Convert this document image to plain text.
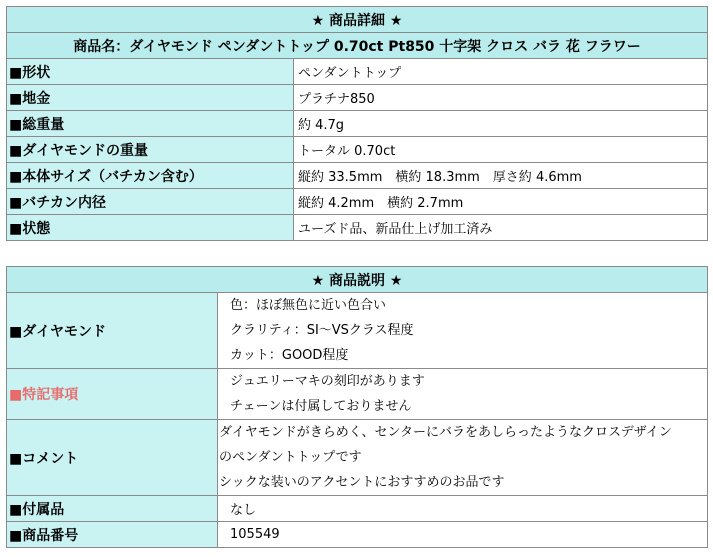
★ 商品詳細 ★	
商品名：ダイヤモンド ペンダントトップ 0.70ct Pt850 十字架 クロス バラ 花 フラワー	
■形状	ペンダントトップ
■地金	プラチナ850
■総重量	約 4.7g
■ダイヤモンドの重量	トータル 0.70ct
■本体サイズ（バチカン含む）	縦約 33.5mm　横約 18.3mm　厚さ約 4.6mm
■バチカン内径	縦約 4.2mm　横約 2.7mm
■状態	ユーズド品、新品仕上げ加工済み
★ 商品説明 ★	
■ダイヤモンド	色：ほぼ無色に近い色合い
クラリティ：SI～VSクラス程度
カット：GOOD程度

■特記事項	ジュエリーマキの刻印があります
チェーンは付属しておりません

■コメント	ダイヤモンドがきらめく、センターにバラをあしらったようなクロスデザイン
のペンダントトップです
シックな装いのアクセントにおすすめのお品です

■付属品	なし
■商品番号	105549
